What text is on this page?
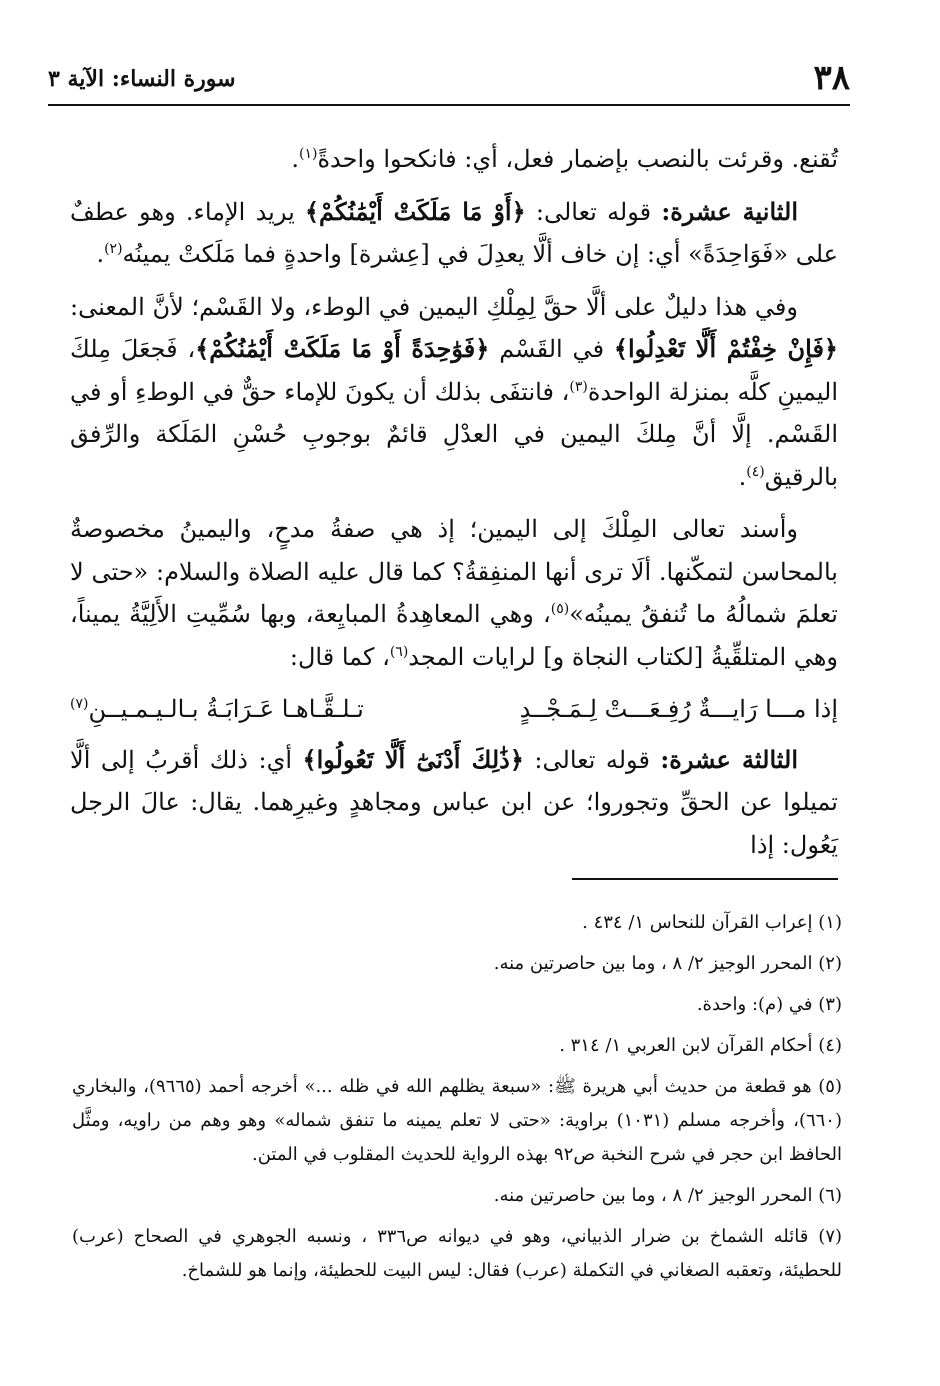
٣٨
سورة النساء: الآية ٣

تُقنع. وقرئت بالنصب بإضمار فعل، أي: فانكحوا واحدةً$^{(١)}$.

الثانية عشرة: قوله تعالى: ﴿أَوْ مَا مَلَكَتْ أَيْمَٰنُكُمْ﴾ يريد الإماء. وهو عطفٌ على «فَوَاحِدَةً» أي: إن خاف ألَّا يعدِلَ في [عِشرة] واحدةٍ فما مَلَكتْ يمينُه$^{(٢)}$.

وفي هذا دليلٌ على ألَّا حقَّ لِمِلْكِ اليمين في الوطء، ولا القَسْم؛ لأنَّ المعنى: ﴿فَإِنْ خِفْتُمْ أَلَّا تَعْدِلُوا﴾ في القَسْم ﴿فَوَٰحِدَةً أَوْ مَا مَلَكَتْ أَيْمَٰنُكُمْ﴾، فَجعَلَ مِلكَ اليمينِ كلَّه بمنزلة الواحدة$^{(٣)}$، فانتفَى بذلك أن يكونَ للإماء حقٌّ في الوطءِ أو في القَسْم. إلَّا أنَّ مِلكَ اليمين في العدْلِ قائمٌ بوجوبِ حُسْنِ المَلَكة والرِّفق بالرقيق$^{(٤)}$.

وأسند تعالى المِلْكَ إلى اليمين؛ إذ هي صفةُ مدحٍ، واليمينُ مخصوصةٌ بالمحاسن لتمكّنها. ألَا ترى أنها المنفِقةُ؟ كما قال عليه الصلاة والسلام: «حتى لا تعلمَ شمالُهُ ما تُنفقُ يمينُه»$^{(٥)}$، وهي المعاهِدةُ المبايِعة، وبها سُمِّيتِ الأَلِيَّةُ يميناً، وهي المتلقِّيةُ [لكتاب النجاة و] لرايات المجد$^{(٦)}$، كما قال:

إذا مـــا رَايـــةٌ رُفِـعَـــتْ لِـمَـجْــدٍ
تـلـقَّـاهـا عَـرَابَـةُ بـالـيـمـيــنِ$^{(٧)}$

الثالثة عشرة: قوله تعالى: ﴿ذَٰلِكَ أَدْنَىٰٓ أَلَّا تَعُولُوا﴾ أي: ذلك أقربُ إلى ألَّا تميلوا عن الحقِّ وتجوروا؛ عن ابن عباس ومجاهدٍ وغيرِهما. يقال: عالَ الرجل يَعُول: إذا

(١) إعراب القرآن للنحاس ١/ ٤٣٤ .
(٢) المحرر الوجيز ٢/ ٨ ، وما بين حاصرتين منه.
(٣) في (م): واحدة.
(٤) أحكام القرآن لابن العربي ١/ ٣١٤ .
(٥) هو قطعة من حديث أبي هريرة ﷺ: «سبعة يظلهم الله في ظله ...» أخرجه أحمد (٩٦٦٥)، والبخاري (٦٦٠)، وأخرجه مسلم (١٠٣١) براوية: «حتى لا تعلم يمينه ما تنفق شماله» وهو وهم من راويه، ومثَّل الحافظ ابن حجر في شرح النخبة ص٩٢ بهذه الرواية للحديث المقلوب في المتن.
(٦) المحرر الوجيز ٢/ ٨ ، وما بين حاصرتين منه.
(٧) قائله الشماخ بن ضرار الذبياني، وهو في ديوانه ص٣٣٦ ، ونسبه الجوهري في الصحاح (عرب) للحطيئة، وتعقبه الصغاني في التكملة (عرب) فقال: ليس البيت للحطيئة، وإنما هو للشماخ.
